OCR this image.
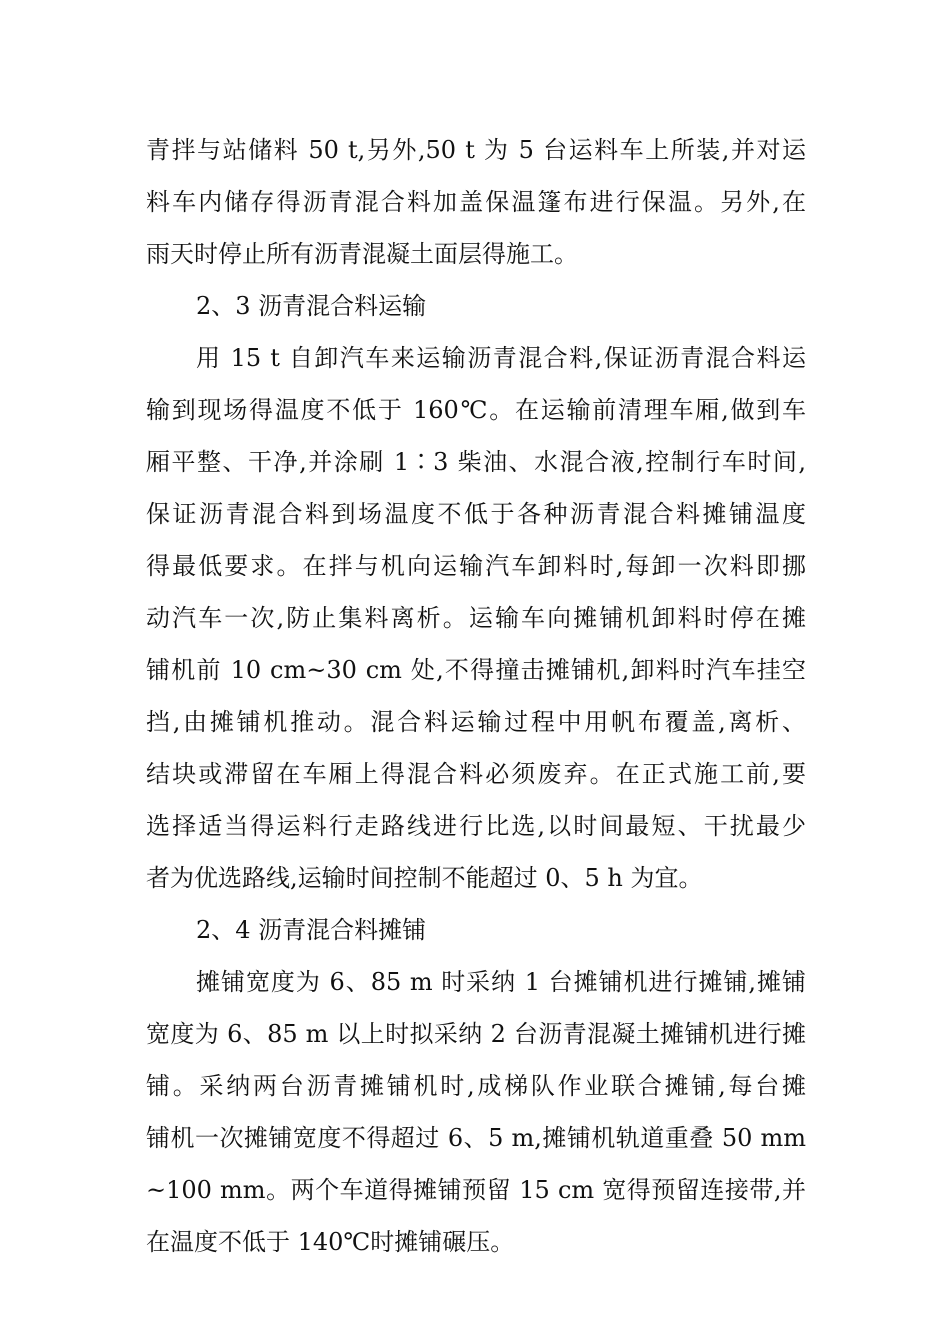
青拌与站储料 50 t,另外,50 t 为 5 台运料车上所装,并对运
料车内储存得沥青混合料加盖保温篷布进行保温。另外,在
雨天时停止所有沥青混凝土面层得施工。
2、3 沥青混合料运输
用 15 t 自卸汽车来运输沥青混合料,保证沥青混合料运
输到现场得温度不低于 160℃。在运输前清理车厢,做到车
厢平整、干净,并涂刷 1∶3 柴油、水混合液,控制行车时间,
保证沥青混合料到场温度不低于各种沥青混合料摊铺温度
得最低要求。在拌与机向运输汽车卸料时,每卸一次料即挪
动汽车一次,防止集料离析。运输车向摊铺机卸料时停在摊
铺机前 10 cm~30 cm 处,不得撞击摊铺机,卸料时汽车挂空
挡,由摊铺机推动。混合料运输过程中用帆布覆盖,离析、
结块或滞留在车厢上得混合料必须废弃。在正式施工前,要
选择适当得运料行走路线进行比选,以时间最短、干扰最少
者为优选路线,运输时间控制不能超过 0、5 h 为宜。
2、4 沥青混合料摊铺
摊铺宽度为 6、85 m 时采纳 1 台摊铺机进行摊铺,摊铺
宽度为 6、85 m 以上时拟采纳 2 台沥青混凝土摊铺机进行摊
铺。采纳两台沥青摊铺机时,成梯队作业联合摊铺,每台摊
铺机一次摊铺宽度不得超过 6、5 m,摊铺机轨道重叠 50 mm
~100 mm。两个车道得摊铺预留 15 cm 宽得预留连接带,并
在温度不低于 140℃时摊铺碾压。
